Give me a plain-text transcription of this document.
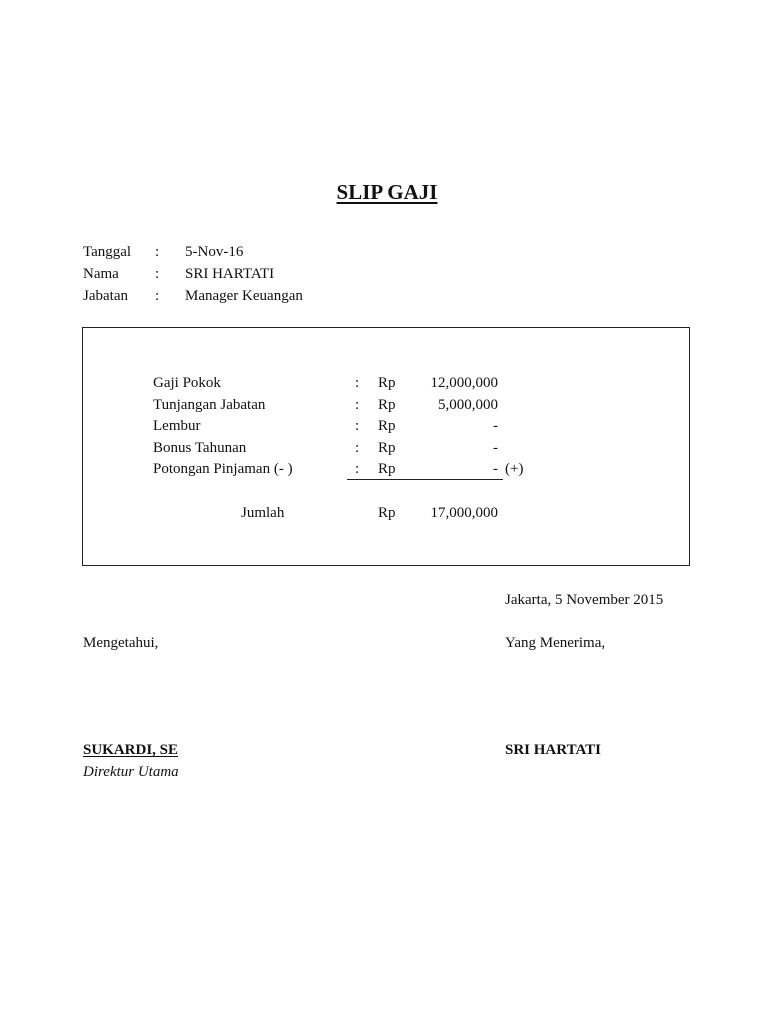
SLIP GAJI
Tanggal : 5-Nov-16
Nama : SRI HARTATI
Jabatan : Manager Keuangan
Gaji Pokok	: Rp	12,000,000
Tunjangan Jabatan	: Rp	5,000,000
Lembur	: Rp	-
Bonus Tahunan	: Rp	-
Potongan Pinjaman (- )	: Rp	- (+)
Jumlah	Rp	17,000,000
Jakarta, 5 November 2015
Mengetahui,	Yang Menerima,
SUKARDI, SE
Direktur Utama
SRI HARTATI
